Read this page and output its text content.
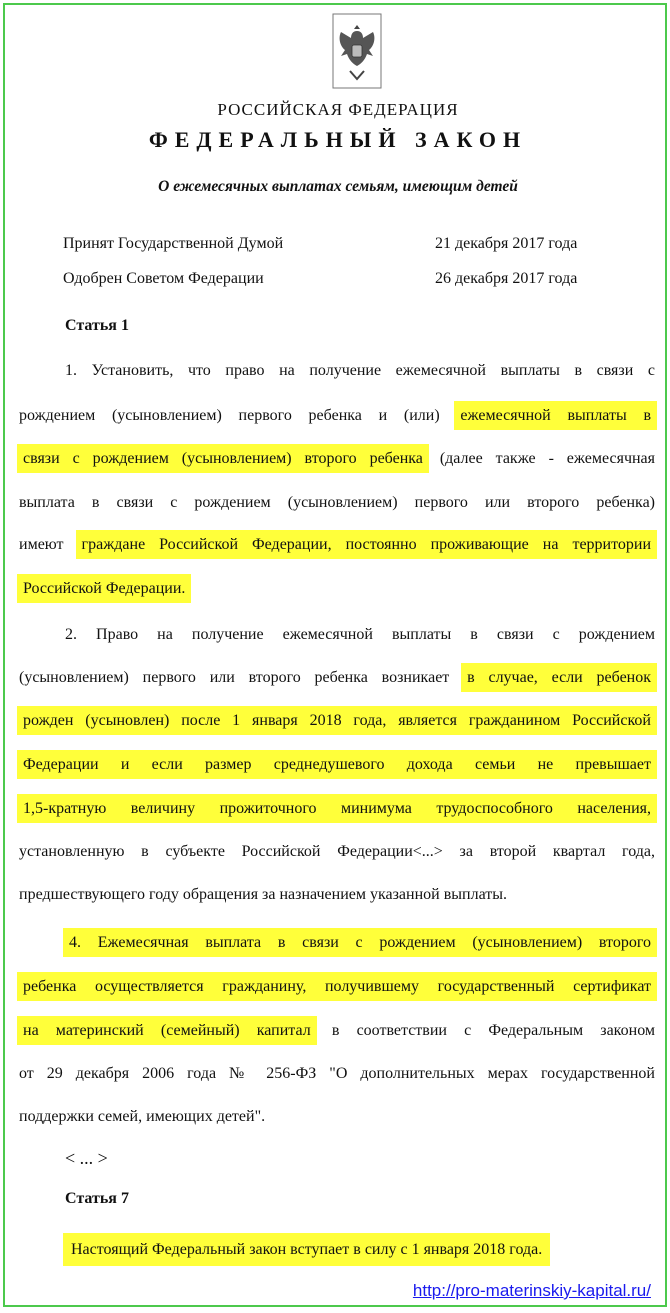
РОССИЙСКАЯ ФЕДЕРАЦИЯ
ФЕДЕРАЛЬНЫЙ ЗАКОН
О ежемесячных выплатах семьям, имеющим детей
Принят Государственной Думой	21 декабря 2017 года
Одобрен Советом Федерации	26 декабря 2017 года
Статья 1
1. Установить, что право на получение ежемесячной выплаты в связи с
рождением (усыновлением) первого ребенка и (или) ежемесячной выплаты в
связи с рождением (усыновлением) второго ребенка (далее также - ежемесячная
выплата в связи с рождением (усыновлением) первого или второго ребенка)
имеют граждане Российской Федерации, постоянно проживающие на территории
Российской Федерации.
2. Право на получение ежемесячной выплаты в связи с рождением
(усыновлением) первого или второго ребенка возникает в случае, если ребенок
рожден (усыновлен) после 1 января 2018 года, является гражданином Российской
Федерации и если размер среднедушевого дохода семьи не превышает
1,5-кратную величину прожиточного минимума трудоспособного населения,
установленную в субъекте Российской Федерации<...> за второй квартал года,
предшествующего году обращения за назначением указанной выплаты.
4. Ежемесячная выплата в связи с рождением (усыновлением) второго
ребенка осуществляется гражданину, получившему государственный сертификат
на материнский (семейный) капитал в соответствии с Федеральным законом
от 29 декабря 2006 года № 256-ФЗ "О дополнительных мерах государственной
поддержки семей, имеющих детей".
< ... >
Статья 7
Настоящий Федеральный закон вступает в силу с 1 января 2018 года.
http://pro-materinskiy-kapital.ru/
